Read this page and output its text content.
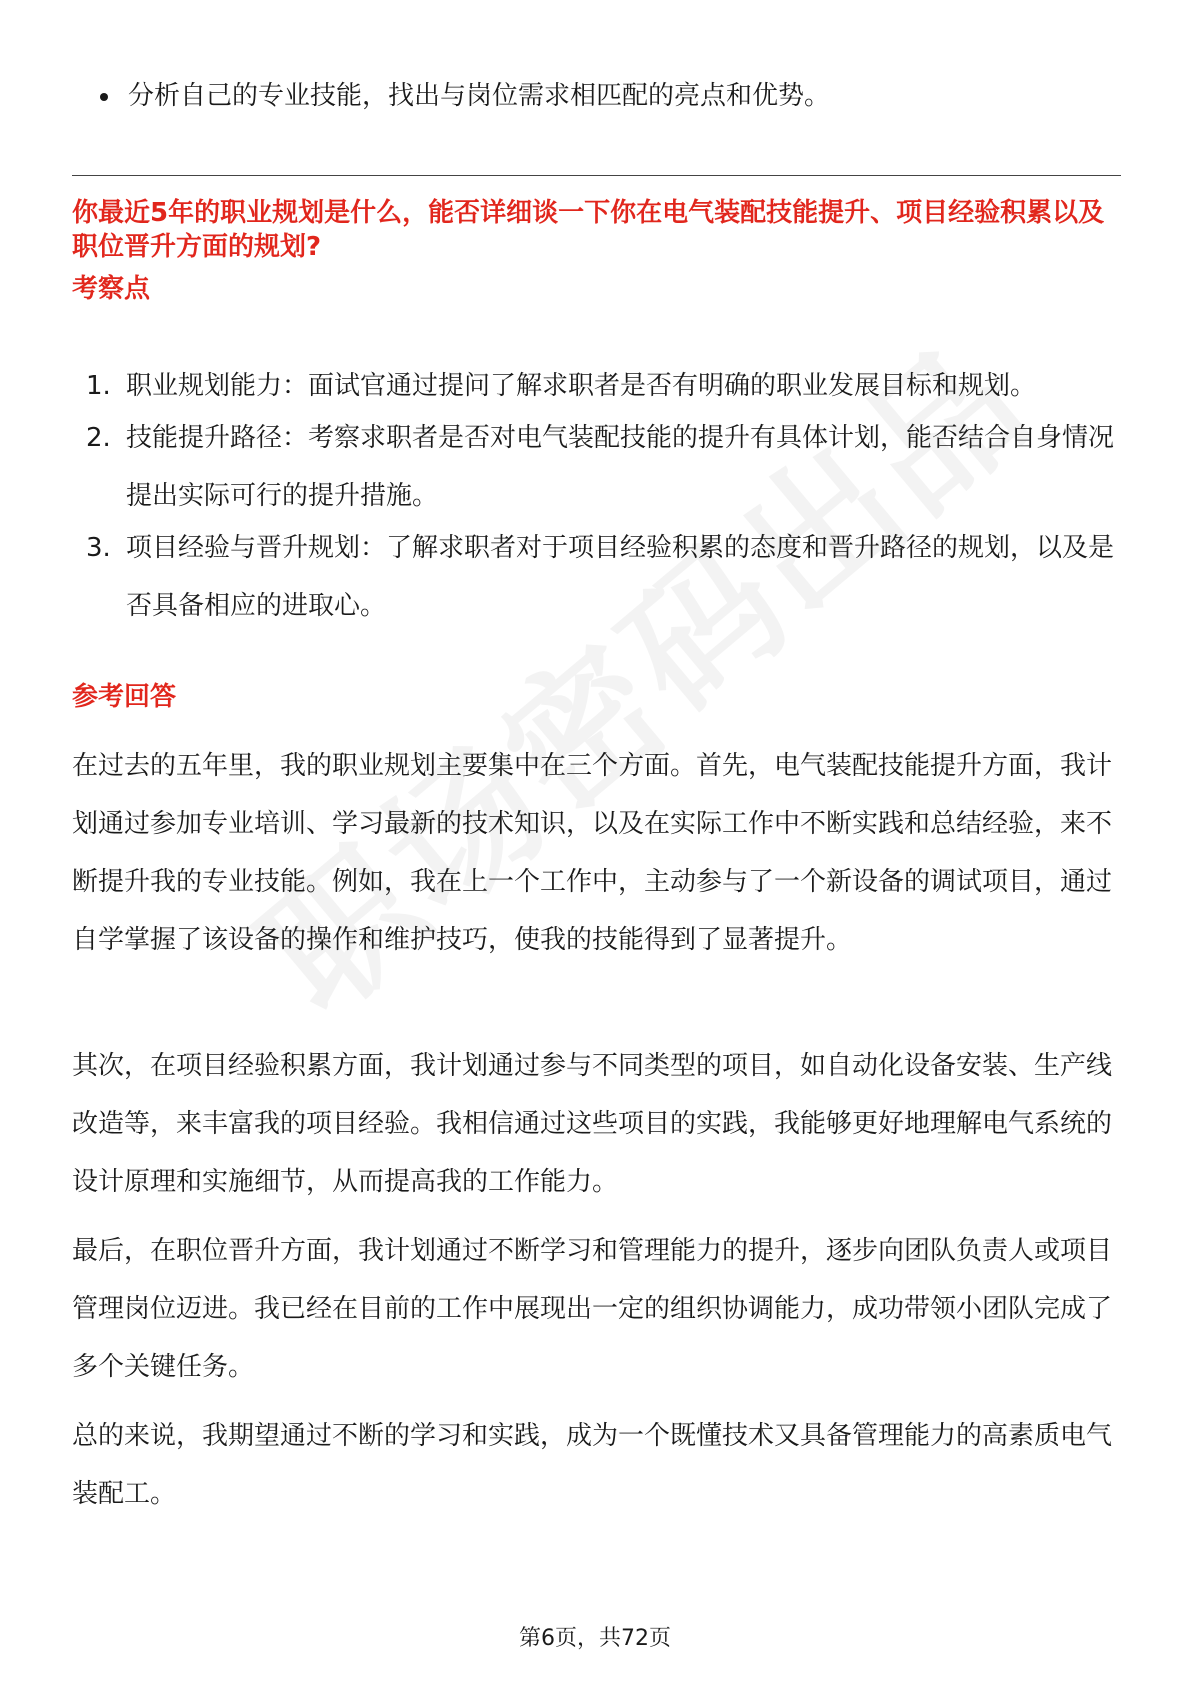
分析自己的专业技能，找出与岗位需求相匹配的亮点和优势。
你最近5年的职业规划是什么，能否详细谈一下你在电气装配技能提升、项目经验积累以及职位晋升方面的规划?
考察点
1. 职业规划能力：面试官通过提问了解求职者是否有明确的职业发展目标和规划。
2. 技能提升路径：考察求职者是否对电气装配技能的提升有具体计划，能否结合自身情况提出实际可行的提升措施。
3. 项目经验与晋升规划：了解求职者对于项目经验积累的态度和晋升路径的规划，以及是否具备相应的进取心。
参考回答

在过去的五年里，我的职业规划主要集中在三个方面。首先，电气装配技能提升方面，我计划通过参加专业培训、学习最新的技术知识，以及在实际工作中不断实践和总结经验，来不断提升我的专业技能。例如，我在上一个工作中，主动参与了一个新设备的调试项目，通过自学掌握了该设备的操作和维护技巧，使我的技能得到了显著提升。

其次，在项目经验积累方面，我计划通过参与不同类型的项目，如自动化设备安装、生产线改造等，来丰富我的项目经验。我相信通过这些项目的实践，我能够更好地理解电气系统的设计原理和实施细节，从而提高我的工作能力。

最后，在职位晋升方面，我计划通过不断学习和管理能力的提升，逐步向团队负责人或项目管理岗位迈进。我已经在目前的工作中展现出一定的组织协调能力，成功带领小团队完成了多个关键任务。

总的来说，我期望通过不断的学习和实践，成为一个既懂技术又具备管理能力的高素质电气装配工。

第6页，共72页
